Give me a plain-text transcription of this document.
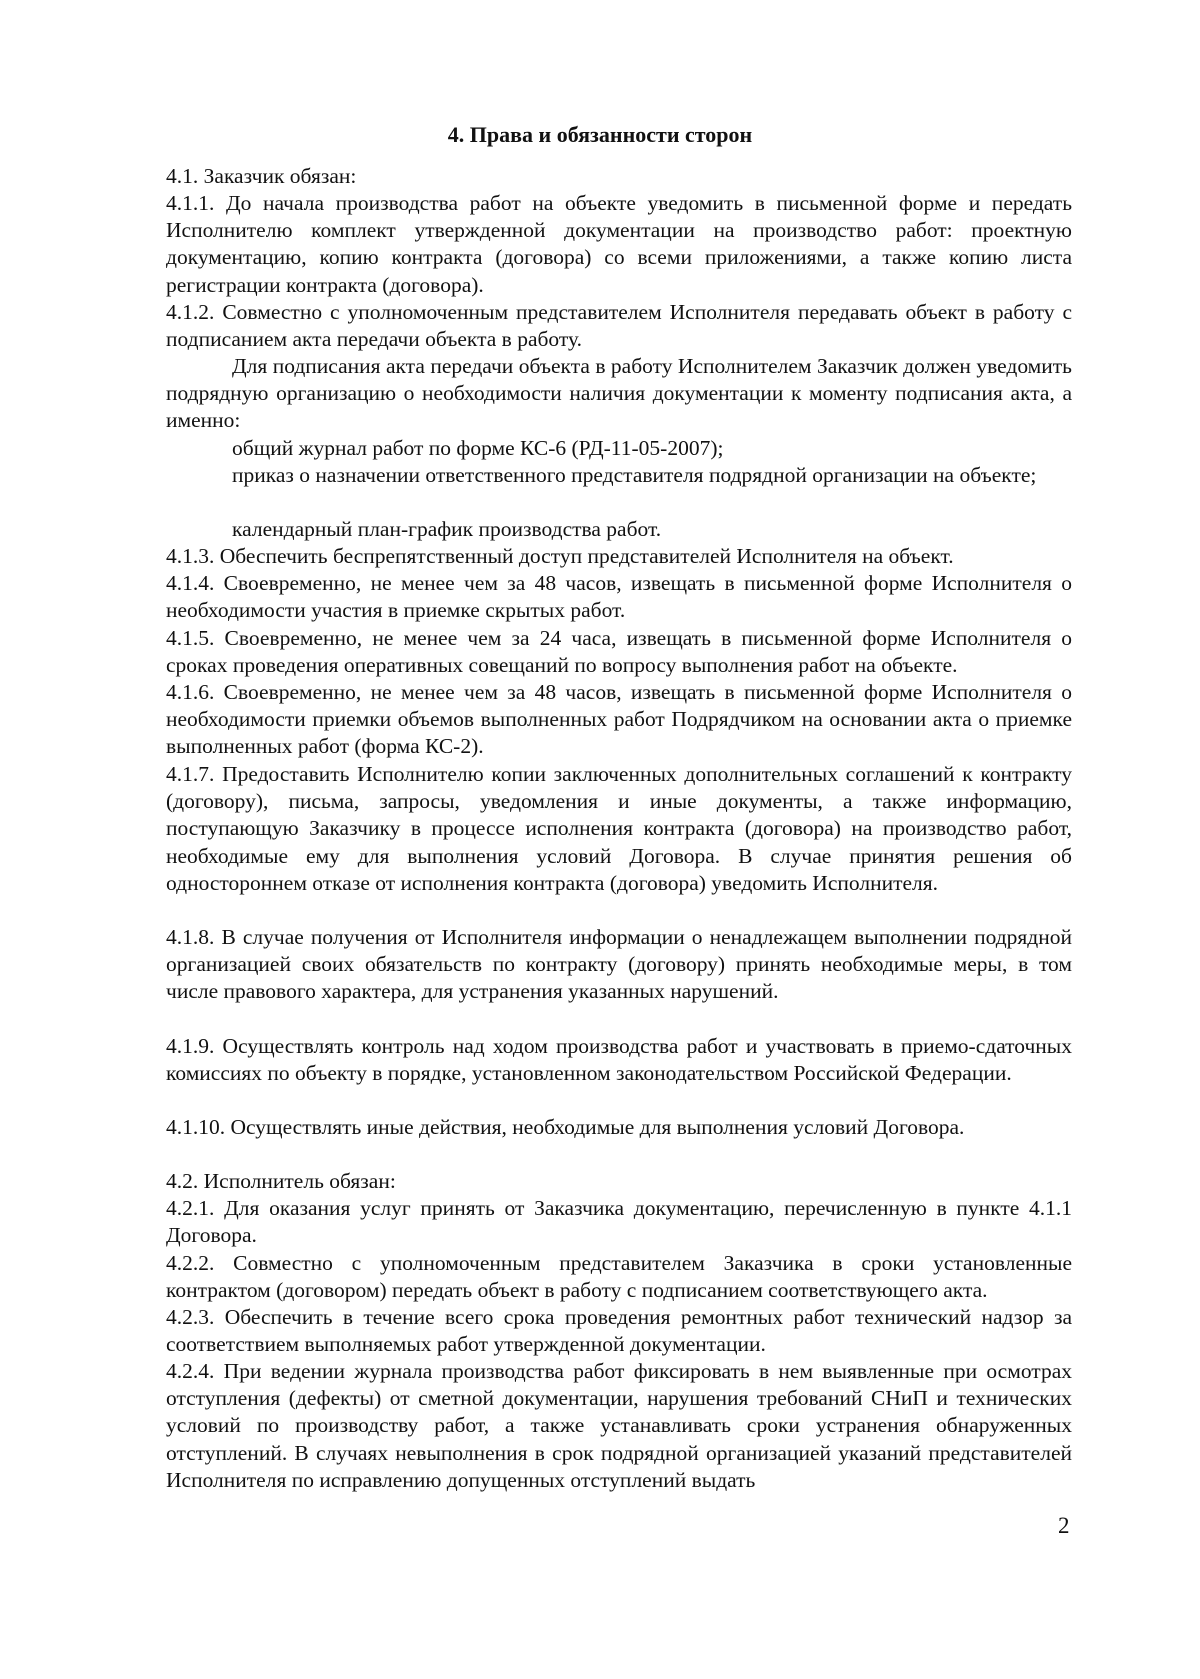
4. Права и обязанности сторон
4.1. Заказчик обязан:
4.1.1. До начала производства работ на объекте уведомить в письменной форме и передать Исполнителю комплект утвержденной документации на производство работ: проектную документацию, копию контракта (договора) со всеми приложениями, а также копию листа регистрации контракта (договора).
4.1.2. Совместно с уполномоченным представителем Исполнителя передавать объект в работу с подписанием акта передачи объекта в работу.
Для подписания акта передачи объекта в работу Исполнителем Заказчик должен уведомить подрядную организацию о необходимости наличия документации к моменту подписания акта, а именно:
общий журнал работ по форме КС-6 (РД-11-05-2007);
приказ о назначении ответственного представителя подрядной организации на объекте;
календарный план-график производства работ.
4.1.3. Обеспечить беспрепятственный доступ представителей Исполнителя на объект.
4.1.4. Своевременно, не менее чем за 48 часов, извещать в письменной форме Исполнителя о необходимости участия в приемке скрытых работ.
4.1.5. Своевременно, не менее чем за 24 часа, извещать в письменной форме Исполнителя о сроках проведения оперативных совещаний по вопросу выполнения работ на объекте.
4.1.6. Своевременно, не менее чем за 48 часов, извещать в письменной форме Исполнителя о необходимости приемки объемов выполненных работ Подрядчиком на основании акта о приемке выполненных работ (форма КС-2).
4.1.7. Предоставить Исполнителю копии заключенных дополнительных соглашений к контракту (договору), письма, запросы, уведомления и иные документы, а также информацию, поступающую Заказчику в процессе исполнения контракта (договора) на производство работ, необходимые ему для выполнения условий Договора. В случае принятия решения об одностороннем отказе от исполнения контракта (договора) уведомить Исполнителя.
4.1.8. В случае получения от Исполнителя информации о ненадлежащем выполнении подрядной организацией своих обязательств по контракту (договору) принять необходимые меры, в том числе правового характера, для устранения указанных нарушений.
4.1.9. Осуществлять контроль над ходом производства работ и участвовать в приемо-сдаточных комиссиях по объекту в порядке, установленном законодательством Российской Федерации.
4.1.10. Осуществлять иные действия, необходимые для выполнения условий Договора.
4.2. Исполнитель обязан:
4.2.1. Для оказания услуг принять от Заказчика документацию, перечисленную в пункте 4.1.1 Договора.
4.2.2. Совместно с уполномоченным представителем Заказчика в сроки установленные контрактом (договором) передать объект в работу с подписанием соответствующего акта.
4.2.3. Обеспечить в течение всего срока проведения ремонтных работ технический надзор за соответствием выполняемых работ утвержденной документации.
4.2.4. При ведении журнала производства работ фиксировать в нем выявленные при осмотрах отступления (дефекты) от сметной документации, нарушения требований СНиП и технических условий по производству работ, а также устанавливать сроки устранения обнаруженных отступлений. В случаях невыполнения в срок подрядной организацией указаний представителей Исполнителя по исправлению допущенных отступлений выдать
2
